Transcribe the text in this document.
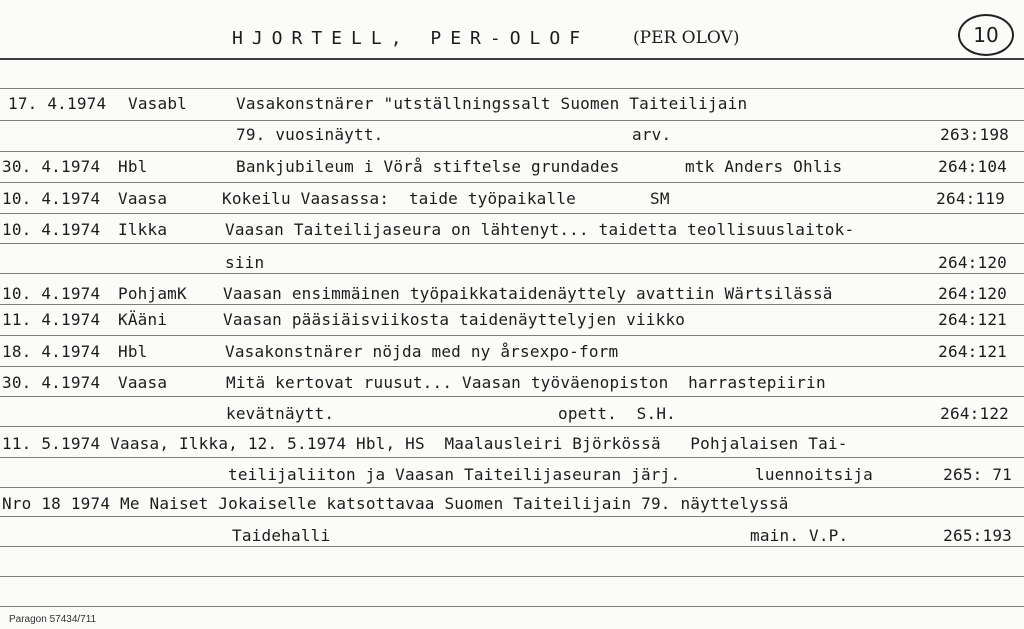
HJORTELL, PER-OLOF	(PER OLOV)	10
17. 4.1974 Vasabl	Vasakonstnärer "utställningssalt Suomen Taiteilijain
79. vuosinäytt.	arv.	263:198
30. 4.1974 Hbl	Bankjubileum i Vörå stiftelse grundades	mtk Anders Ohlis	264:104
10. 4.1974 Vaasa	Kokeilu Vaasassa:  taide työpaikalle	SM	264:119
10. 4.1974 Ilkka	Vaasan Taiteilijaseura on lähtenyt... taidetta teollisuuslaitok-
siin	264:120
10. 4.1974 PohjamK Vaasan ensimmäinen työpaikkataidenäyttely avattiin Wärtsilässä	264:120
11. 4.1974 KÄäni	Vaasan pääsiäisviikosta taidenäyttelyjen viikko	264:121
18. 4.1974 Hbl	Vasakonstnärer nöjda med ny årsexpo-form	264:121
30. 4.1974 Vaasa	Mitä kertovat ruusut... Vaasan työväenopiston  harrastepiirin
kevätnäytt.	opett.  S.H.	264:122
11. 5.1974 Vaasa, Ilkka, 12. 5.1974 Hbl, HS  Maalausleiri Björkössä   Pohjalaisen Tai-
teilijaliiton ja Vaasan Taiteilijaseuran järj.	luennoitsija	265: 71
Nro 18 1974 Me Naiset Jokaiselle katsottavaa Suomen Taiteilijain 79. näyttelyssä
Taidehalli	main. V.P.	265:193
Paragon 57434/711
